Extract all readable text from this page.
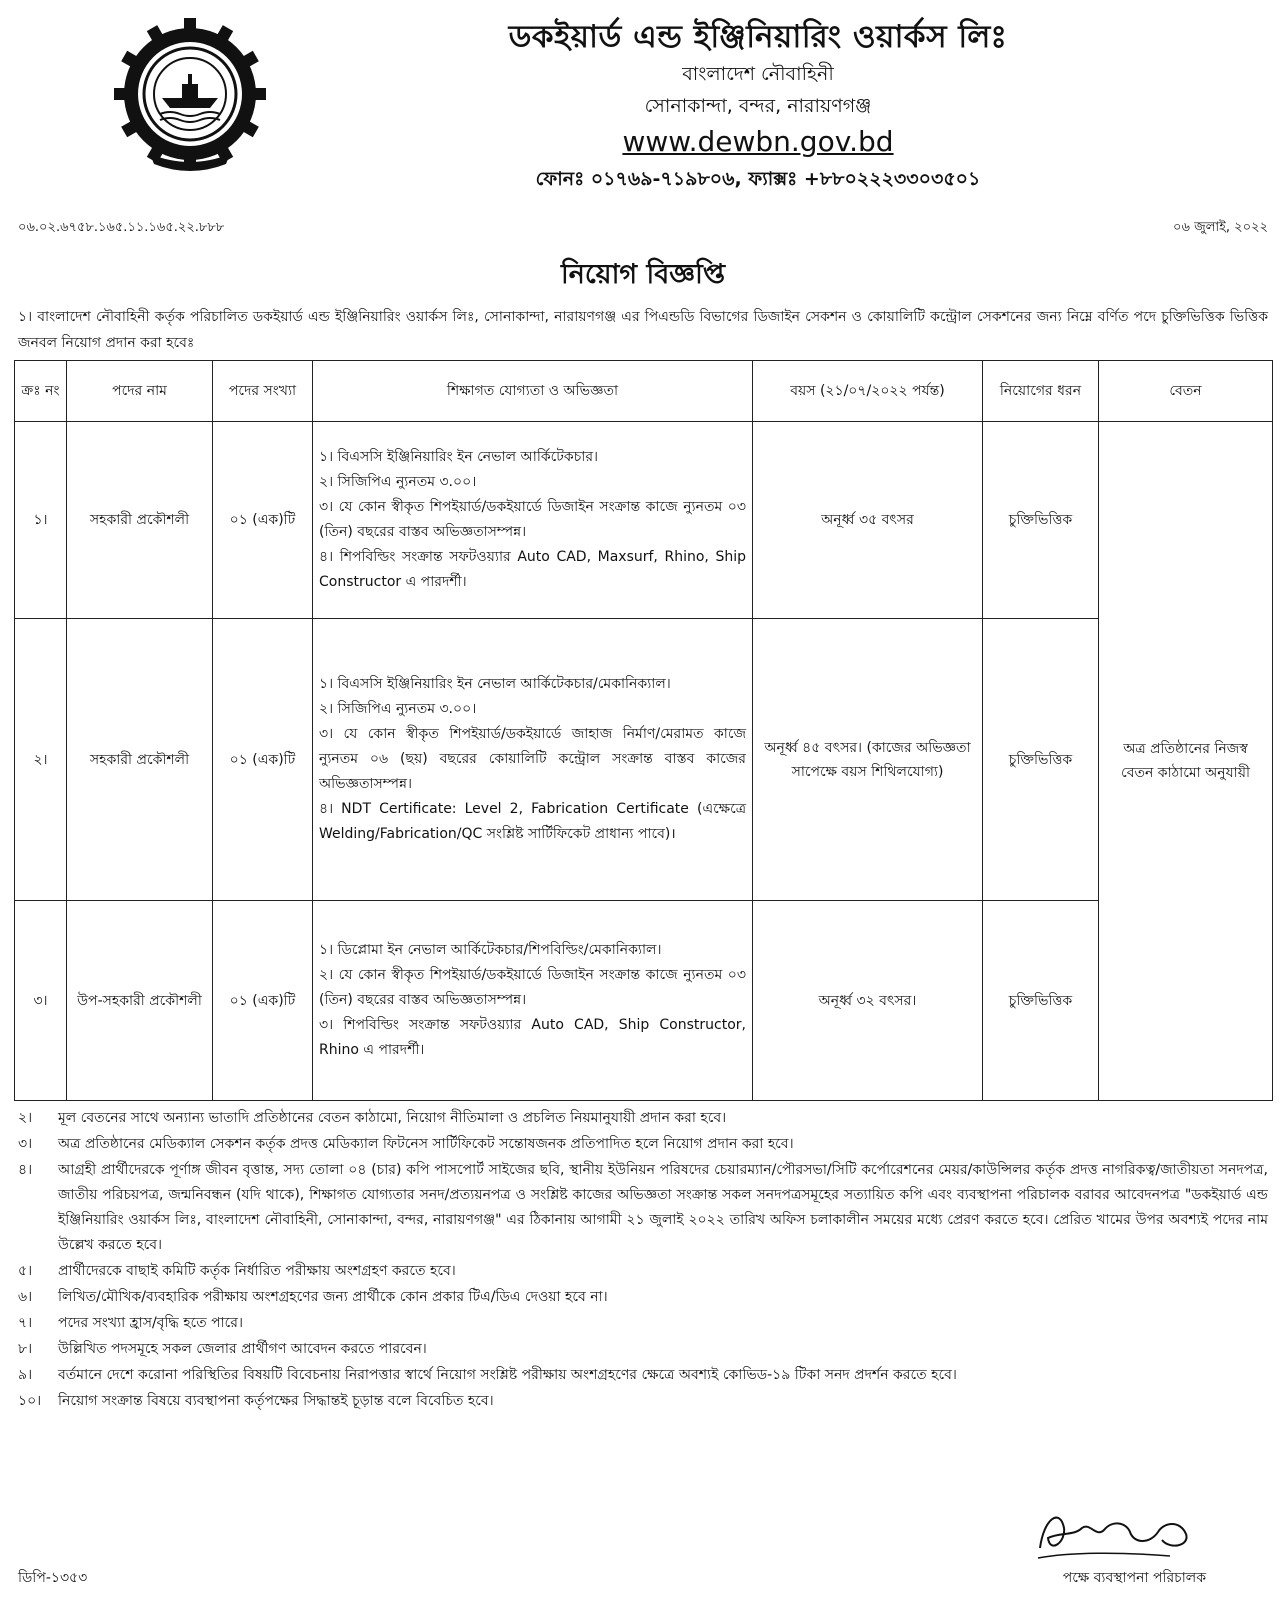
ডকইয়ার্ড এন্ড ইঞ্জিনিয়ারিং ওয়ার্কস লিঃ
বাংলাদেশ নৌবাহিনী
সোনাকান্দা, বন্দর, নারায়ণগঞ্জ
www.dewbn.gov.bd
ফোনঃ ০১৭৬৯-৭১৯৮০৬, ফ্যাক্সঃ +৮৮০২২২৩৩০৩৫০১
০৬.০২.৬৭৫৮.১৬৫.১১.১৬৫.২২.৮৮৮	০৬ জুলাই, ২০২২
নিয়োগ বিজ্ঞপ্তি
১। বাংলাদেশ নৌবাহিনী কর্তৃক পরিচালিত ডকইয়ার্ড এন্ড ইঞ্জিনিয়ারিং ওয়ার্কস লিঃ, সোনাকান্দা, নারায়ণগঞ্জ এর পিএন্ডডি বিভাগের ডিজাইন সেকশন ও কোয়ালিটি কন্ট্রোল সেকশনের জন্য নিম্নে বর্ণিত পদে চুক্তিভিত্তিক ভিত্তিক জনবল নিয়োগ প্রদান করা হবেঃ
ক্রঃ নং	পদের নাম	পদের সংখ্যা	শিক্ষাগত যোগ্যতা ও অভিজ্ঞতা	বয়স (২১/০৭/২০২২ পর্যন্ত)	নিয়োগের ধরন	বেতন
১।	সহকারী প্রকৌশলী	০১ (এক)টি	১। বিএসসি ইঞ্জিনিয়ারিং ইন নেভাল আর্কিটেকচার।
২। সিজিপিএ ন্যুনতম ৩.০০।
৩। যে কোন স্বীকৃত শিপইয়ার্ড/ডকইয়ার্ডে ডিজাইন সংক্রান্ত কাজে ন্যুনতম ০৩ (তিন) বছরের বাস্তব অভিজ্ঞতাসম্পন্ন।
৪। শিপবিল্ডিং সংক্রান্ত সফটওয়্যার Auto CAD, Maxsurf, Rhino, Ship Constructor এ পারদর্শী।	অনূর্ধ্ব ৩৫ বৎসর	চুক্তিভিত্তিক	অত্র প্রতিষ্ঠানের নিজস্ব বেতন কাঠামো অনুযায়ী
২।	সহকারী প্রকৌশলী	০১ (এক)টি	১। বিএসসি ইঞ্জিনিয়ারিং ইন নেভাল আর্কিটেকচার/মেকানিক্যাল।
২। সিজিপিএ ন্যুনতম ৩.০০।
৩। যে কোন স্বীকৃত শিপইয়ার্ড/ডকইয়ার্ডে জাহাজ নির্মাণ/মেরামত কাজে ন্যুনতম ০৬ (ছয়) বছরের কোয়ালিটি কন্ট্রোল সংক্রান্ত বাস্তব কাজের অভিজ্ঞতাসম্পন্ন।
৪। NDT Certificate: Level 2, Fabrication Certificate (এক্ষেত্রে Welding/Fabrication/QC সংশ্লিষ্ট সার্টিফিকেট প্রাধান্য পাবে)।	অনূর্ধ্ব ৪৫ বৎসর। (কাজের অভিজ্ঞতা সাপেক্ষে বয়স শিথিলযোগ্য)	চুক্তিভিত্তিক	
৩।	উপ-সহকারী প্রকৌশলী	০১ (এক)টি	১। ডিপ্লোমা ইন নেভাল আর্কিটেকচার/শিপবিল্ডিং/মেকানিক্যাল।
২। যে কোন স্বীকৃত শিপইয়ার্ড/ডকইয়ার্ডে ডিজাইন সংক্রান্ত কাজে ন্যুনতম ০৩ (তিন) বছরের বাস্তব অভিজ্ঞতাসম্পন্ন।
৩। শিপবিল্ডিং সংক্রান্ত সফটওয়্যার Auto CAD, Ship Constructor, Rhino এ পারদর্শী।	অনূর্ধ্ব ৩২ বৎসর।	চুক্তিভিত্তিক	
২।	মূল বেতনের সাথে অন্যান্য ভাতাদি প্রতিষ্ঠানের বেতন কাঠামো, নিয়োগ নীতিমালা ও প্রচলিত নিয়মানুযায়ী প্রদান করা হবে।
৩।	অত্র প্রতিষ্ঠানের মেডিক্যাল সেকশন কর্তৃক প্রদত্ত মেডিক্যাল ফিটনেস সার্টিফিকেট সন্তোষজনক প্রতিপাদিত হলে নিয়োগ প্রদান করা হবে।
৪।	আগ্রহী প্রার্থীদেরকে পূর্ণাঙ্গ জীবন বৃত্তান্ত, সদ্য তোলা ০৪ (চার) কপি পাসপোর্ট সাইজের ছবি, স্থানীয় ইউনিয়ন পরিষদের চেয়ারম্যান/পৌরসভা/সিটি কর্পোরেশনের মেয়র/কাউন্সিলর কর্তৃক প্রদত্ত নাগরিকত্ব/জাতীয়তা সনদপত্র, জাতীয় পরিচয়পত্র, জন্মনিবন্ধন (যদি থাকে), শিক্ষাগত যোগ্যতার সনদ/প্রত্যয়নপত্র ও সংশ্লিষ্ট কাজের অভিজ্ঞতা সংক্রান্ত সকল সনদপত্রসমূহের সত্যায়িত কপি এবং ব্যবস্থাপনা পরিচালক বরাবর আবেদনপত্র "ডকইয়ার্ড এন্ড ইঞ্জিনিয়ারিং ওয়ার্কস লিঃ, বাংলাদেশ নৌবাহিনী, সোনাকান্দা, বন্দর, নারায়ণগঞ্জ" এর ঠিকানায় আগামী ২১ জুলাই ২০২২ তারিখ অফিস চলাকালীন সময়ের মধ্যে প্রেরণ করতে হবে। প্রেরিত খামের উপর অবশ্যই পদের নাম উল্লেখ করতে হবে।
৫।	প্রার্থীদেরকে বাছাই কমিটি কর্তৃক নির্ধারিত পরীক্ষায় অংশগ্রহণ করতে হবে।
৬।	লিখিত/মৌখিক/ব্যবহারিক পরীক্ষায় অংশগ্রহণের জন্য প্রার্থীকে কোন প্রকার টিএ/ডিএ দেওয়া হবে না।
৭।	পদের সংখ্যা হ্রাস/বৃদ্ধি হতে পারে।
৮।	উল্লিখিত পদসমূহে সকল জেলার প্রার্থীগণ আবেদন করতে পারবেন।
৯।	বর্তমানে দেশে করোনা পরিস্থিতির বিষয়টি বিবেচনায় নিরাপত্তার স্বার্থে নিয়োগ সংশ্লিষ্ট পরীক্ষায় অংশগ্রহণের ক্ষেত্রে অবশ্যই কোভিড-১৯ টিকা সনদ প্রদর্শন করতে হবে।
১০।	নিয়োগ সংক্রান্ত বিষয়ে ব্যবস্থাপনা কর্তৃপক্ষের সিদ্ধান্তই চূড়ান্ত বলে বিবেচিত হবে।
ডিপি-১৩৫৩	পক্ষে ব্যবস্থাপনা পরিচালক
